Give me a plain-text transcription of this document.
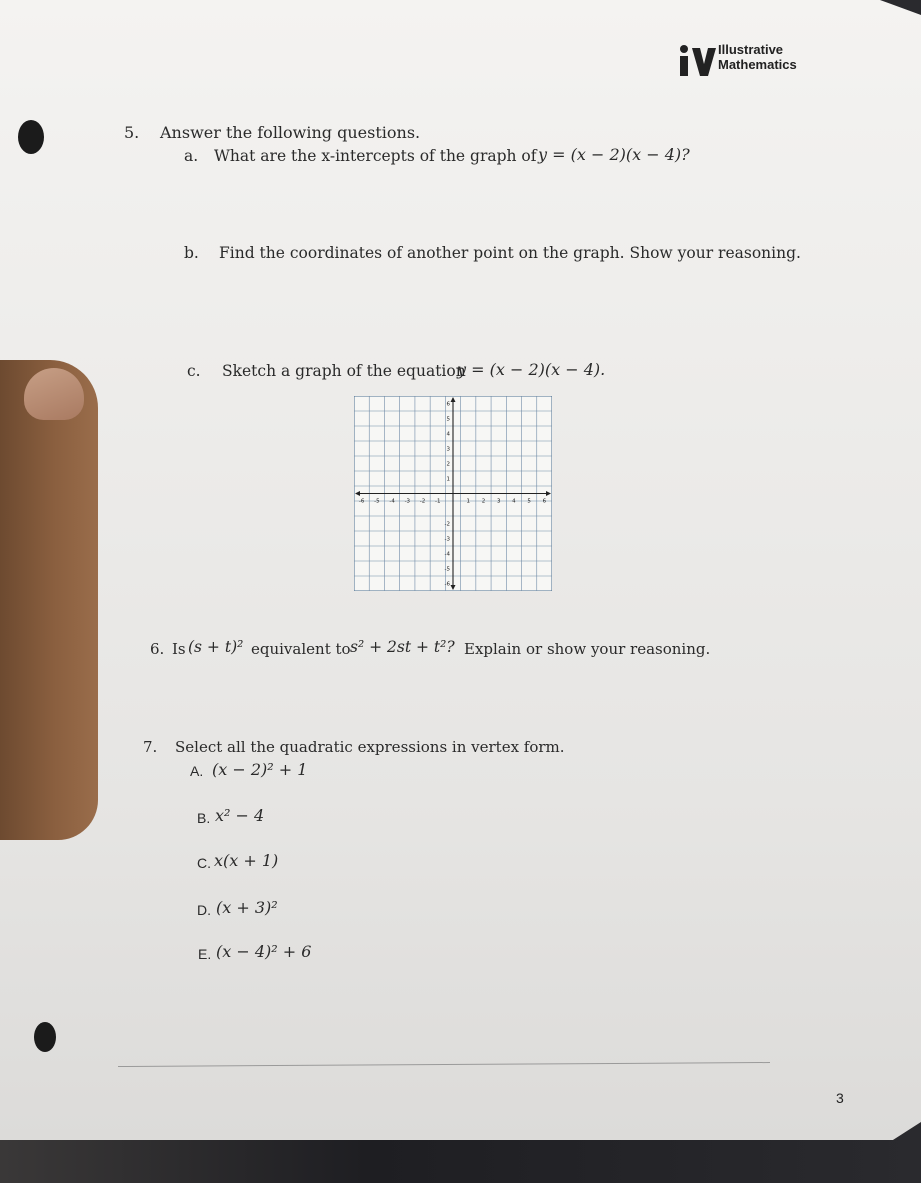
Illustrative
Mathematics
5. Answer the following questions.
a. What are the x-intercepts of the graph of y = (x − 2)(x − 4)?
b. Find the coordinates of another point on the graph. Show your reasoning.
c. Sketch a graph of the equation
y = (x − 2)(x − 4).
-6 -5 -4 -3 -2 -1	1 2 3 4 5 6
6
5
4
3
2
1
-2
-3
-4
-5
-6
6. Is (s + t)² equivalent to s² + 2st + t²? Explain or show your reasoning.
7. Select all the quadratic expressions in vertex form.
A. (x − 2)² + 1
B. x² − 4
C. x(x + 1)
D. (x + 3)²
E. (x − 4)² + 6
3
